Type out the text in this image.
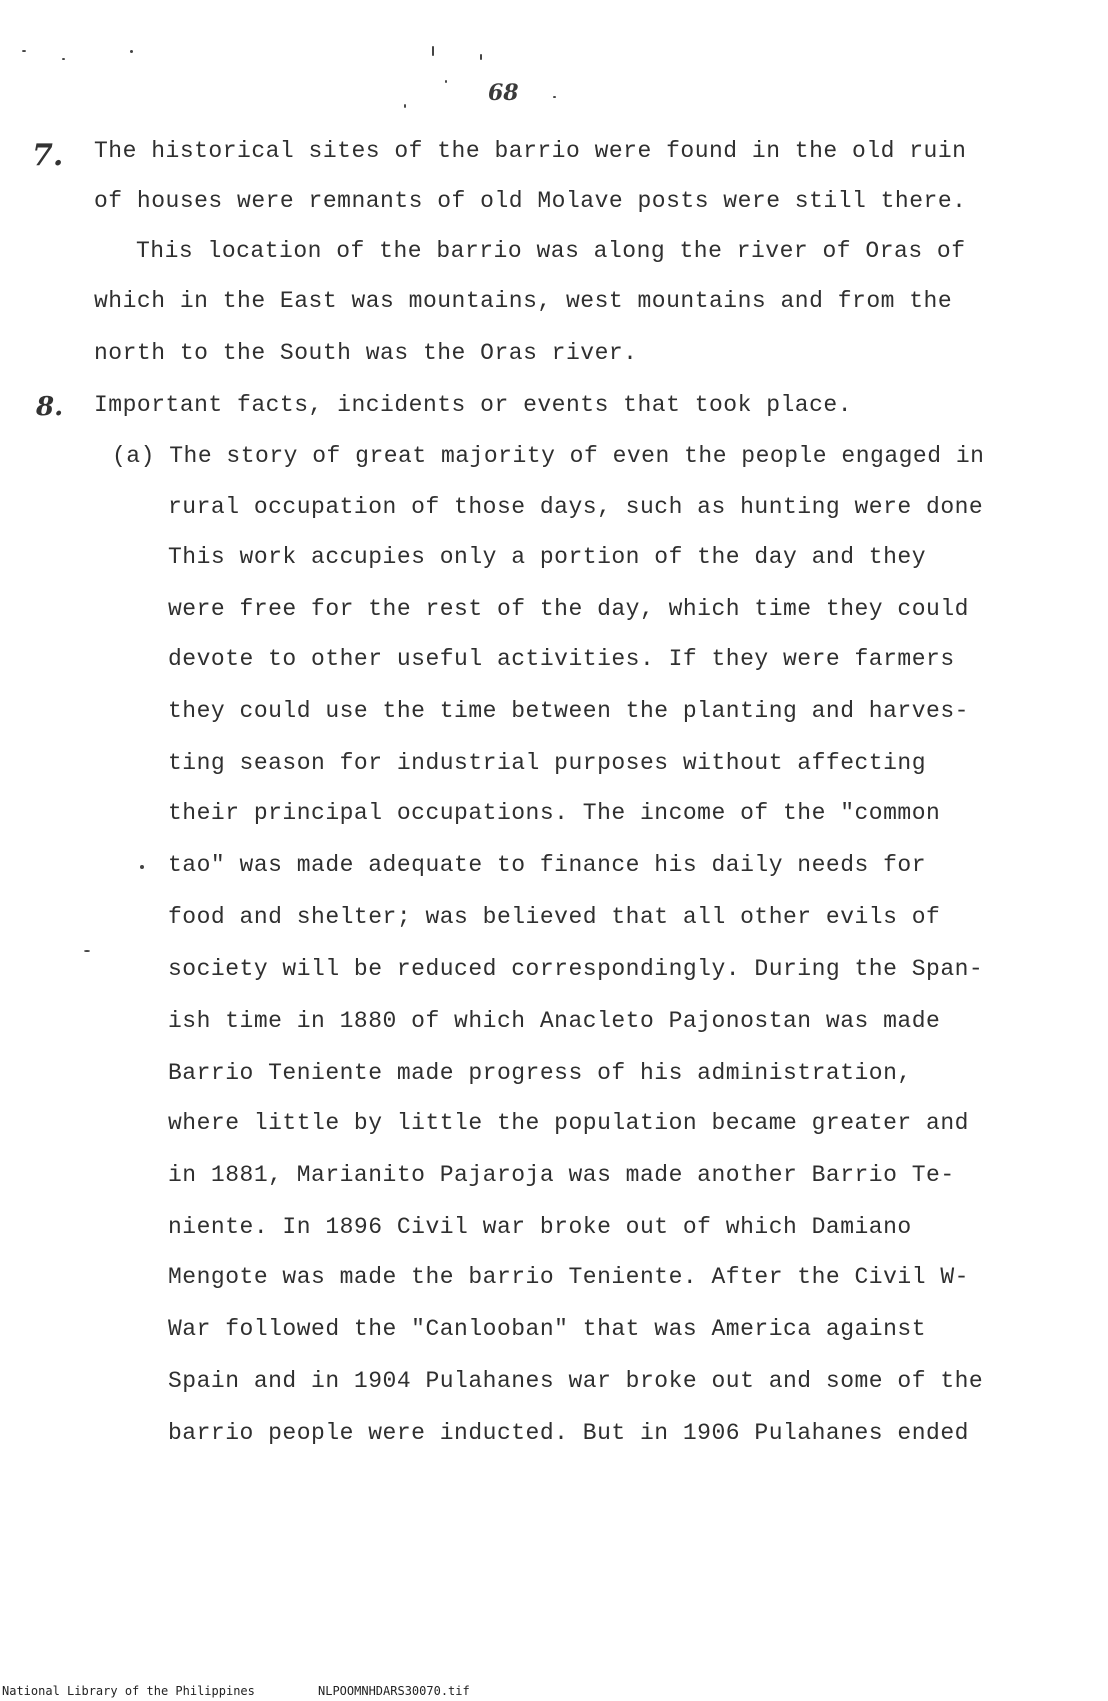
68
7. The historical sites of the barrio were found in the old ruin
of houses were remnants of old Molave posts were still there.
This location of the barrio was along the river of Oras of
which in the East was mountains, west mountains and from the
north to the South was the Oras river.
8. Important facts, incidents or events that took place.
(a) The story of great majority of even the people engaged in
rural occupation of those days, such as hunting were done
This work accupies only a portion of the day and they
were free for the rest of the day, which time they could
devote to other useful activities. If they were farmers
they could use the time between the planting and harves-
ting season for industrial purposes without affecting
their principal occupations. The income of the "common
tao" was made adequate to finance his daily needs for
food and shelter; was believed that all other evils of
society will be reduced correspondingly. During the Span-
ish time in 1880 of which Anacleto Pajonostan was made
Barrio Teniente made progress of his administration,
where little by little the population became greater and
in 1881, Marianito Pajaroja was made another Barrio Te-
niente. In 1896 Civil war broke out of which Damiano
Mengote was made the barrio Teniente. After the Civil W-
War followed the "Canlooban" that was America against
Spain and in 1904 Pulahanes war broke out and some of the
barrio people were inducted. But in 1906 Pulahanes ended
National Library of the Philippines	NLPOOMNHDARS30070.tif
